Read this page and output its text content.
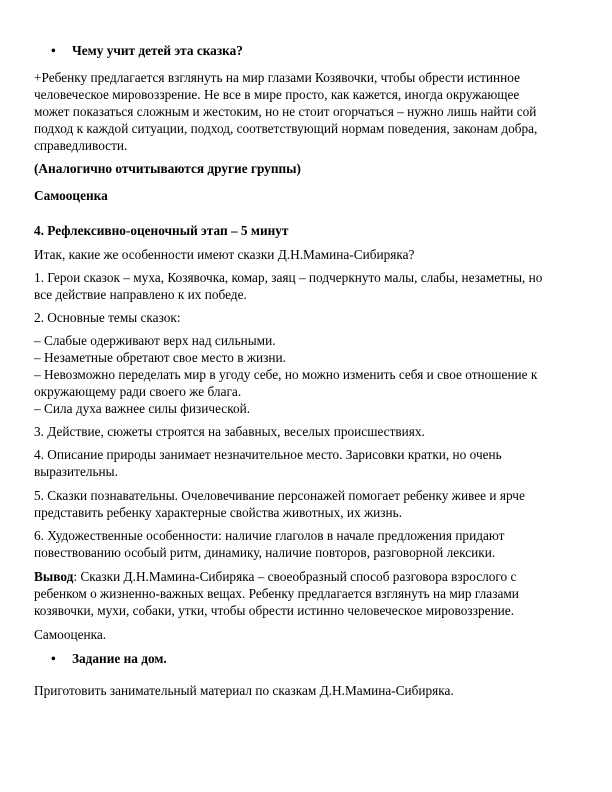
• Чему учит детей эта сказка?

+Ребенку предлагается взглянуть на мир глазами Козявочки, чтобы обрести истинное
человеческое мировоззрение. Не все в мире просто, как кажется, иногда окружающее
может показаться сложным и жестоким, но не стоит огорчаться – нужно лишь найти сой
подход к каждой ситуации, подход, соответствующий нормам поведения, законам добра,
справедливости.

(Аналогично отчитываются другие группы)

Самооценка

4. Рефлексивно-оценочный этап – 5 минут

Итак, какие же особенности имеют сказки Д.Н.Мамина-Сибиряка?

1. Герои сказок – муха, Козявочка, комар, заяц – подчеркнуто малы, слабы, незаметны, но
все действие направлено к их победе.

2. Основные темы сказок:

– Слабые одерживают верх над сильными.
– Незаметные обретают свое место в жизни.
– Невозможно переделать мир в угоду себе, но можно изменить себя и свое отношение к
окружающему ради своего же блага.
– Сила духа важнее силы физической.

3. Действие, сюжеты строятся на забавных, веселых происшествиях.

4. Описание природы занимает незначительное место. Зарисовки кратки, но очень
выразительны.

5. Сказки познавательны. Очеловечивание персонажей помогает ребенку живее и ярче
представить ребенку характерные свойства животных, их жизнь.

6. Художественные особенности: наличие глаголов в начале предложения придают
повествованию особый ритм, динамику, наличие повторов, разговорной лексики.

Вывод: Сказки Д.Н.Мамина-Сибиряка – своеобразный способ разговора взрослого с
ребенком о жизненно-важных вещах. Ребенку предлагается взглянуть на мир глазами
козявочки, мухи, собаки, утки, чтобы обрести истинно человеческое мировоззрение.

Самооценка.

• Задание на дом.

Приготовить занимательный материал по сказкам Д.Н.Мамина-Сибиряка.
